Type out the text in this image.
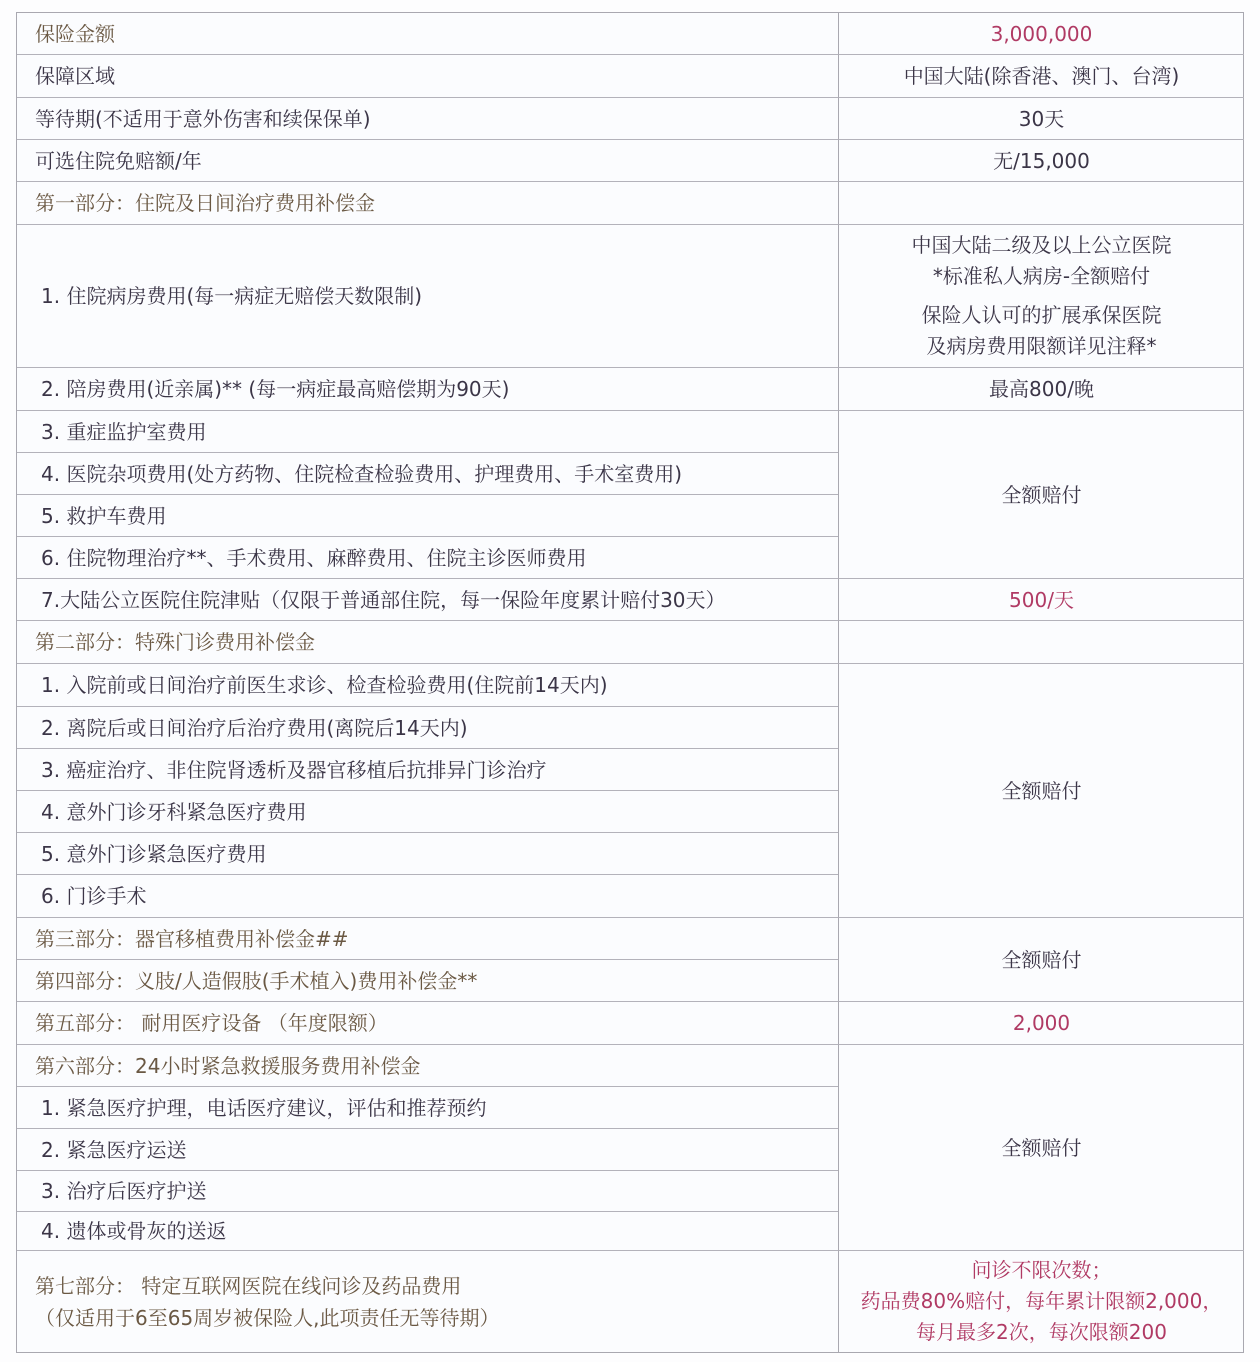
保险金额
保障区域
等待期(不适用于意外伤害和续保保单)
可选住院免赔额/年
第一部分：住院及日间治疗费用补偿金
1. 住院病房费用(每一病症无赔偿天数限制)
2. 陪房费用(近亲属)** (每一病症最高赔偿期为90天)
3. 重症监护室费用
4. 医院杂项费用(处方药物、住院检查检验费用、护理费用、手术室费用)
5. 救护车费用
6. 住院物理治疗**、手术费用、麻醉费用、住院主诊医师费用
7.大陆公立医院住院津贴（仅限于普通部住院，每一保险年度累计赔付30天）
第二部分：特殊门诊费用补偿金
1. 入院前或日间治疗前医生求诊、检查检验费用(住院前14天内)
2. 离院后或日间治疗后治疗费用(离院后14天内)
3. 癌症治疗、非住院肾透析及器官移植后抗排异门诊治疗
4. 意外门诊牙科紧急医疗费用
5. 意外门诊紧急医疗费用
6. 门诊手术
第三部分：器官移植费用补偿金##
第四部分：义肢/人造假肢(手术植入)费用补偿金**
第五部分： 耐用医疗设备 （年度限额）
第六部分：24小时紧急救援服务费用补偿金
1. 紧急医疗护理，电话医疗建议，评估和推荐预约
2. 紧急医疗运送
3. 治疗后医疗护送
4. 遗体或骨灰的送返
第七部分： 特定互联网医院在线问诊及药品费用
（仅适用于6至65周岁被保险人,此项责任无等待期）
3,000,000
中国大陆(除香港、澳门、台湾)
30天
无/15,000
中国大陆二级及以上公立医院
*标准私人病房-全额赔付
保险人认可的扩展承保医院
及病房费用限额详见注释*
最高800/晚
全额赔付
500/天
全额赔付
全额赔付
2,000
全额赔付
问诊不限次数；
药品费80%赔付，每年累计限额2,000，
每月最多2次，每次限额200
